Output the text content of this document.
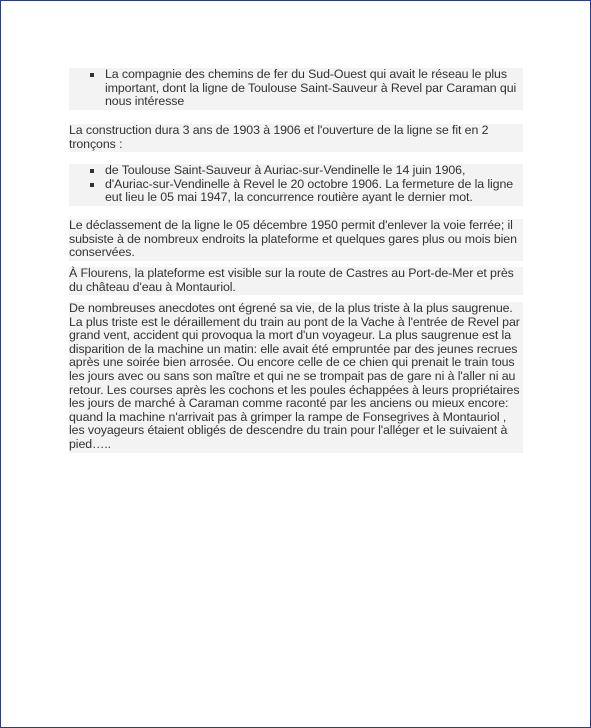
La compagnie des chemins de fer du Sud-Ouest qui avait le réseau le plus important, dont la ligne de Toulouse Saint-Sauveur à Revel par Caraman qui nous intéresse

La construction dura 3 ans de 1903 à 1906 et l'ouverture de la ligne se fit en 2 tronçons :

de Toulouse Saint-Sauveur à Auriac-sur-Vendinelle le 14 juin 1906,
d'Auriac-sur-Vendinelle à Revel le 20 octobre 1906. La fermeture de la ligne eut lieu le 05 mai 1947, la concurrence routière ayant le dernier mot.

Le déclassement de la ligne le 05 décembre 1950 permit d'enlever la voie ferrée; il subsiste à de nombreux endroits la plateforme et quelques gares plus ou mois bien conservées.

À Flourens, la plateforme est visible sur la route de Castres au Port-de-Mer et près du château d'eau à Montauriol.

De nombreuses anecdotes ont égrené sa vie, de la plus triste à la plus saugrenue. La plus triste est le déraillement du train au pont de la Vache à l'entrée de Revel par grand vent, accident qui provoqua la mort d'un voyageur. La plus saugrenue est la disparition de la machine un matin: elle avait été empruntée par des jeunes recrues après une soirée bien arrosée. Ou encore celle de ce chien qui prenait le train tous les jours avec ou sans son maître et qui ne se trompait pas de gare ni à l'aller ni au retour. Les courses après les cochons et les poules échappées à leurs propriétaires les jours de marché à Caraman comme raconté par les anciens ou mieux encore: quand la machine n'arrivait pas à grimper la rampe de Fonsegrives à Montauriol , les voyageurs étaient obligés de descendre du train pour l'alléger et le suivaient à pied…..
